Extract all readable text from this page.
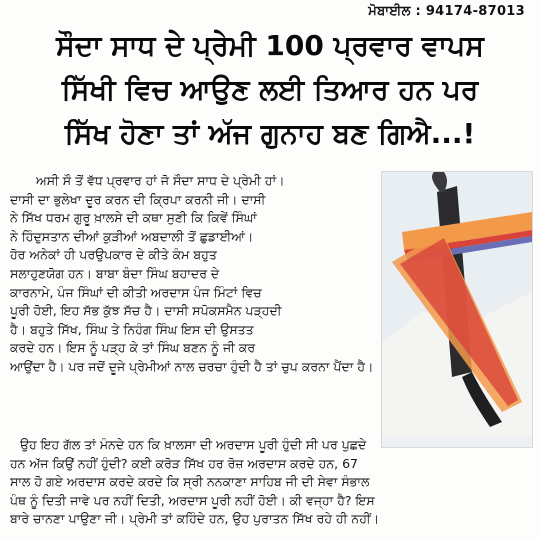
ਮੋਬਾਈਲ : 94174-87013
ਸੌਦਾ ਸਾਧ ਦੇ ਪ੍ਰੇਮੀ 100 ਪ੍ਰਵਾਰ ਵਾਪਸ
ਸਿੱਖੀ ਵਿਚ ਆਉਣ ਲਈ ਤਿਆਰ ਹਨ ਪਰ
ਸਿੱਖ ਹੋਣਾ ਤਾਂ ਅੱਜ ਗੁਨਾਹ ਬਣ ਗਿਐ...!
ਅਸੀ ਸੌ ਤੋਂ ਵੱਧ ਪ੍ਰਵਾਰ ਹਾਂ ਜੋ ਸੌਦਾ ਸਾਧ ਦੇ ਪ੍ਰੇਮੀ ਹਾਂ।
ਦਾਸੀ ਦਾ ਭੁਲੇਖਾ ਦੂਰ ਕਰਨ ਦੀ ਕ੍ਰਿਪਾ ਕਰਨੀ ਜੀ। ਦਾਸੀ
ਨੇ ਸਿੱਖ ਧਰਮ ਗੁਰੂ ਖ਼ਾਲਸੇ ਦੀ ਕਥਾ ਸੁਣੀ ਕਿ ਕਿਵੇਂ ਸਿੰਘਾਂ
ਨੇ ਹਿੰਦੁਸਤਾਨ ਦੀਆਂ ਕੁੜੀਆਂ ਅਬਦਾਲੀ ਤੋਂ ਛੁਡਾਈਆਂ।
ਹੋਰ ਅਨੇਕਾਂ ਹੀ ਪਰਉਪਕਾਰ ਦੇ ਕੀਤੇ ਕੰਮ ਬਹੁਤ
ਸਲਾਹੁਣਯੋਗ ਹਨ। ਬਾਬਾ ਬੰਦਾ ਸਿੰਘ ਬਹਾਦਰ ਦੇ
ਕਾਰਨਾਮੇ, ਪੰਜ ਸਿੰਘਾਂ ਦੀ ਕੀਤੀ ਅਰਦਾਸ ਪੰਜ ਮਿੰਟਾਂ ਵਿਚ
ਪੂਰੀ ਹੋਈ, ਇਹ ਸੱਭ ਕੁੱਝ ਸੱਚ ਹੈ। ਦਾਸੀ ਸਪੋਕਸਮੈਨ ਪੜ੍ਹਦੀ
ਹੈ। ਬਹੁਤੇ ਸਿੱਖ, ਸਿੰਘ ਤੇ ਨਿਹੰਗ ਸਿੰਘ ਇਸ ਦੀ ਉਸਤਤ
ਕਰਦੇ ਹਨ। ਇਸ ਨੂੰ ਪੜ੍ਹ ਕੇ ਤਾਂ ਸਿੰਘ ਬਣਨ ਨੂੰ ਜੀ ਕਰ
ਆਉਂਦਾ ਹੈ। ਪਰ ਜਦੋਂ ਦੂਜੇ ਪ੍ਰੇਮੀਆਂ ਨਾਲ ਚਰਚਾ ਹੁੰਦੀ ਹੈ ਤਾਂ ਚੁਪ ਕਰਨਾ ਪੈਂਦਾ ਹੈ।
ਉਹ ਇਹ ਗੱਲ ਤਾਂ ਮੰਨਦੇ ਹਨ ਕਿ ਖ਼ਾਲਸਾ ਦੀ ਅਰਦਾਸ ਪੂਰੀ ਹੁੰਦੀ ਸੀ ਪਰ ਪੁਛਦੇ
ਹਨ ਅੱਜ ਕਿਉਂ ਨਹੀਂ ਹੁੰਦੀ? ਕਈ ਕਰੋੜ ਸਿੱਖ ਹਰ ਰੋਜ਼ ਅਰਦਾਸ ਕਰਦੇ ਹਨ, 67
ਸਾਲ ਹੋ ਗਏ ਅਰਦਾਸ ਕਰਦੇ ਕਰਦੇ ਕਿ ਸ੍ਰੀ ਨਨਕਾਣਾ ਸਾਹਿਬ ਜੀ ਦੀ ਸੇਵਾ ਸੰਭਾਲ
ਪੰਥ ਨੂੰ ਦਿਤੀ ਜਾਵੇ ਪਰ ਨਹੀਂ ਦਿਤੀ, ਅਰਦਾਸ ਪੂਰੀ ਨਹੀਂ ਹੋਈ। ਕੀ ਵਜ੍ਹਾ ਹੈ? ਇਸ
ਬਾਰੇ ਚਾਨਣਾ ਪਾਉਣਾ ਜੀ। ਪ੍ਰੇਮੀ ਤਾਂ ਕਹਿੰਦੇ ਹਨ, ਉਹ ਪੁਰਾਤਨ ਸਿੱਖ ਰਹੇ ਹੀ ਨਹੀਂ।
